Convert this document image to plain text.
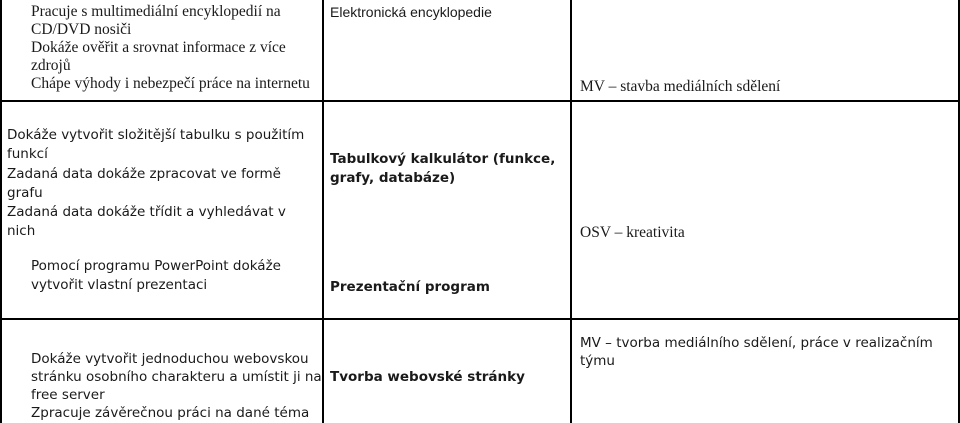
Pracuje s multimediální encyklopedií na
CD/DVD nosiči
Dokáže ověřit a srovnat informace z více
zdrojů
Chápe výhody i nebezpečí práce na internetu
Elektronická encyklopedie
MV – stavba mediálních sdělení
Dokáže vytvořit složitější tabulku s použitím
funkcí
Zadaná data dokáže zpracovat ve formě
grafu
Zadaná data dokáže třídit a vyhledávat v
nich
Tabulkový kalkulátor (funkce,
grafy, databáze)
OSV – kreativita
Pomocí programu PowerPoint dokáže
vytvořit vlastní prezentaci	Prezentační program
Dokáže vytvořit jednoduchou webovskou
stránku osobního charakteru a umístit ji na
free server
Zpracuje závěrečnou práci na dané téma
Tvorba webovské stránky
MV – tvorba mediálního sdělení, práce v realizačním
týmu
